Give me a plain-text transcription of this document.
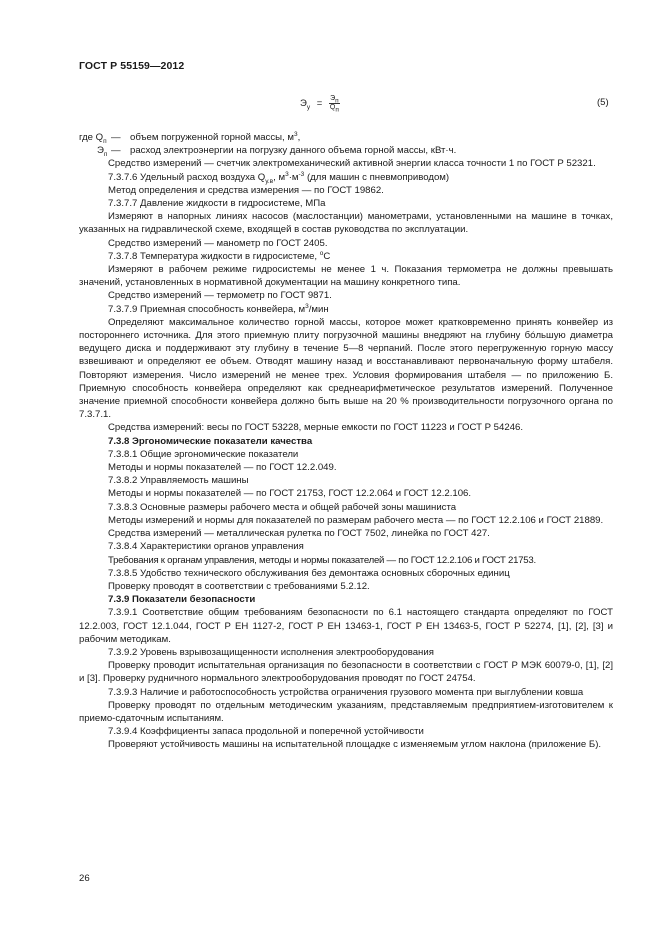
ГОСТ Р 55159—2012
$Э_у = \frac{Э_п}{Q_п}$	(5)

где $Q_п$ — объем погруженной горной массы, $м^3$,

$Э_п$ — расход электроэнергии на погрузку данного объема горной массы, кВт·ч.

Средство измерений — счетчик электромеханический активной энергии класса точности 1 по ГОСТ Р 52321.

7.3.7.6 Удельный расход воздуха $Q_{у.в}$, $м^3\cdot м^{-3}$ (для машин с пневмоприводом)

Метод определения и средства измерения — по ГОСТ 19862.

7.3.7.7 Давление жидкости в гидросистеме, МПа

Измеряют в напорных линиях насосов (маслостанции) манометрами, установленными на машине в точках, указанных на гидравлической схеме, входящей в состав руководства по эксплуатации.

Средство измерений — манометр по ГОСТ 2405.

7.3.7.8 Температура жидкости в гидросистеме, $^о$С

Измеряют в рабочем режиме гидросистемы не менее 1 ч. Показания термометра не должны превышать значений, установленных в нормативной документации на машину конкретного типа.

Средство измерений — термометр по ГОСТ 9871.

7.3.7.9 Приемная способность конвейера, $м^3$/мин

Определяют максимальное количество горной массы, которое может кратковременно принять конвейер из постороннего источника. Для этого приемную плиту погрузочной машины внедряют на глубину бóльшую диаметра ведущего диска и поддерживают эту глубину в течение 5—8 черпаний. После этого перегруженную горную массу взвешивают и определяют ее объем. Отводят машину назад и восстанавливают первоначальную форму штабеля. Повторяют измерения. Число измерений не менее трех. Условия формирования штабеля — по приложению Б. Приемную способность конвейера определяют как среднеарифметическое результатов измерений. Полученное значение приемной способности конвейера должно быть выше на 20 % производительности погрузочного органа по 7.3.7.1.

Средства измерений: весы по ГОСТ 53228, мерные емкости по ГОСТ 11223 и ГОСТ Р 54246.

7.3.8 Эргономические показатели качества

7.3.8.1 Общие эргономические показатели

Методы и нормы показателей — по ГОСТ 12.2.049.

7.3.8.2 Управляемость машины

Методы и нормы показателей — по ГОСТ 21753, ГОСТ 12.2.064 и ГОСТ 12.2.106.

7.3.8.3 Основные размеры рабочего места и общей рабочей зоны машиниста

Методы измерений и нормы для показателей по размерам рабочего места — по ГОСТ 12.2.106 и ГОСТ 21889.

Средства измерений — металлическая рулетка по ГОСТ 7502, линейка по ГОСТ 427.

7.3.8.4 Характеристики органов управления

Требования к органам управления, методы и нормы показателей — по ГОСТ 12.2.106 и ГОСТ 21753.

7.3.8.5 Удобство технического обслуживания без демонтажа основных сборочных единиц

Проверку проводят в соответствии с требованиями 5.2.12.

7.3.9 Показатели безопасности

7.3.9.1 Соответствие общим требованиям безопасности по 6.1 настоящего стандарта определяют по ГОСТ 12.2.003, ГОСТ 12.1.044, ГОСТ Р ЕН 1127-2, ГОСТ Р ЕН 13463-1, ГОСТ Р ЕН 13463-5, ГОСТ Р 52274, [1], [2], [3] и рабочим методикам.

7.3.9.2 Уровень взрывозащищенности исполнения электрооборудования

Проверку проводит испытательная организация по безопасности в соответствии с ГОСТ Р МЭК 60079-0, [1], [2] и [3]. Проверку рудничного нормального электрооборудования проводят по ГОСТ 24754.

7.3.9.3 Наличие и работоспособность устройства ограничения грузового момента при выглублении ковша

Проверку проводят по отдельным методическим указаниям, представляемым предприятием-изготовителем к приемо-сдаточным испытаниям.

7.3.9.4 Коэффициенты запаса продольной и поперечной устойчивости

Проверяют устойчивость машины на испытательной площадке с изменяемым углом наклона (приложение Б).

26
